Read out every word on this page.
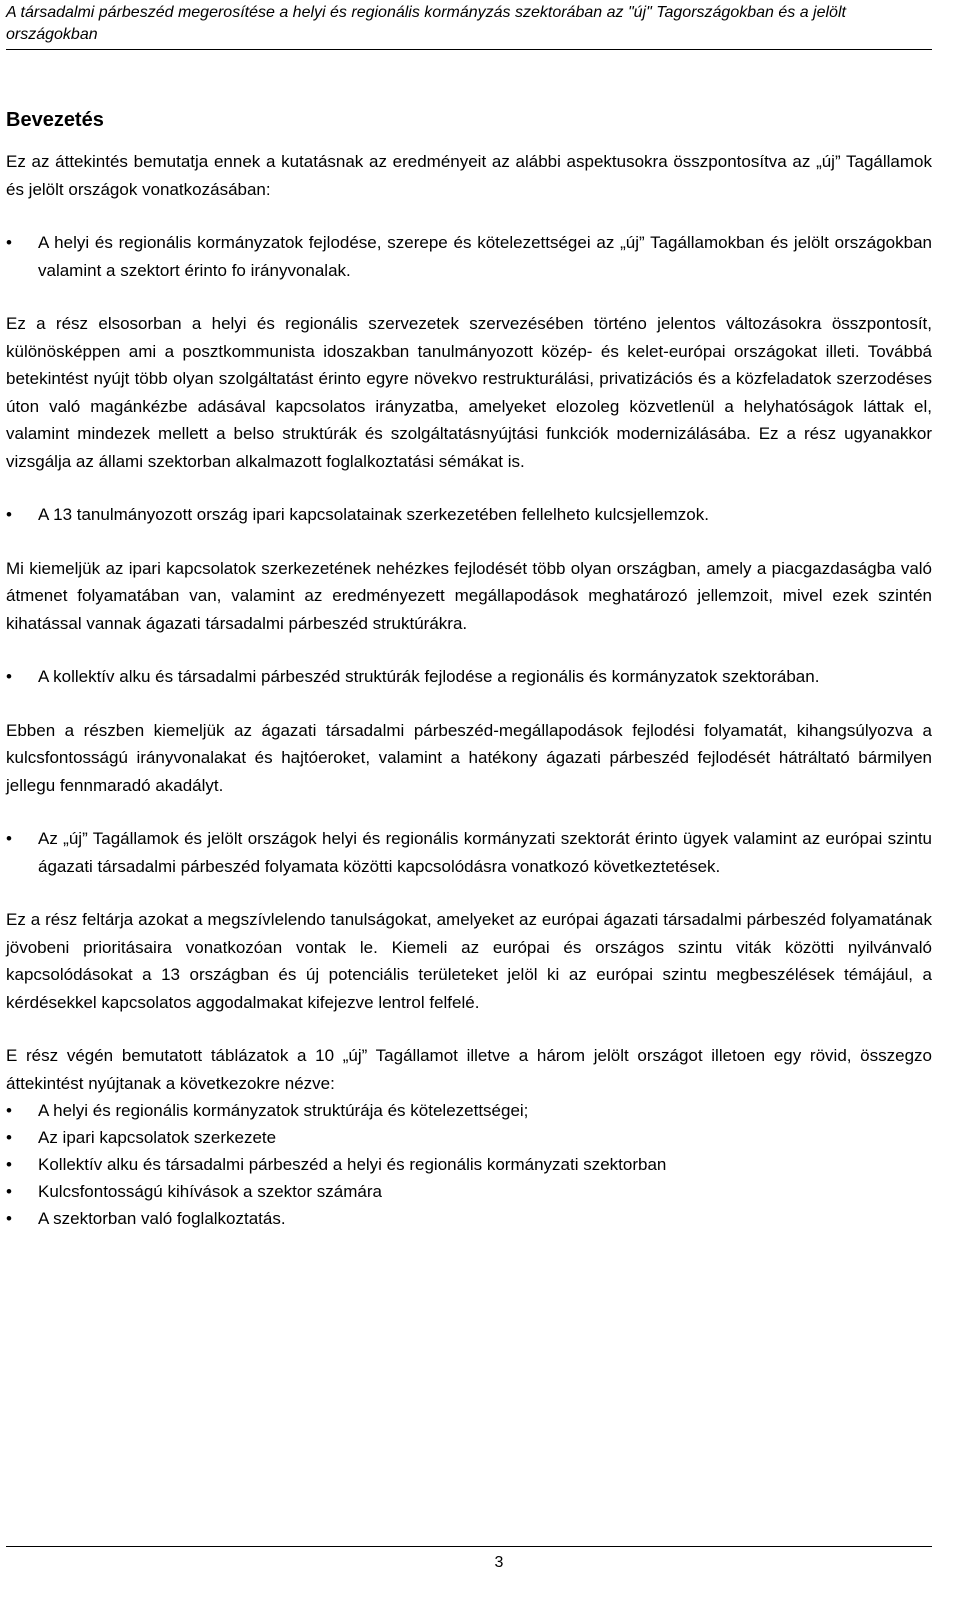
A társadalmi párbeszéd megerosítése a helyi és regionális kormányzás szektorában az "új" Tagországokban és a jelölt országokban
Bevezetés

Ez az áttekintés bemutatja ennek a kutatásnak az eredményeit az alábbi aspektusokra összpontosítva az „új” Tagállamok és jelölt országok vonatkozásában:

•	A helyi és regionális kormányzatok fejlodése, szerepe és kötelezettségei az „új” Tagállamokban és jelölt országokban valamint a szektort érinto fo irányvonalak.

Ez a rész elsosorban a helyi és regionális szervezetek szervezésében történo jelentos változásokra összpontosít, különösképpen ami a posztkommunista idoszakban tanulmányozott közép- és kelet-európai országokat illeti. Továbbá betekintést nyújt több olyan szolgáltatást érinto egyre növekvo restrukturálási, privatizációs és a közfeladatok szerzodéses úton való magánkézbe adásával kapcsolatos irányzatba, amelyeket elozoleg közvetlenül a helyhatóságok láttak el, valamint mindezek mellett a belso struktúrák és szolgáltatásnyújtási funkciók modernizálásába. Ez a rész ugyanakkor vizsgálja az állami szektorban alkalmazott foglalkoztatási sémákat is.

•	A 13 tanulmányozott ország ipari kapcsolatainak szerkezetében fellelheto kulcsjellemzok.

Mi kiemeljük az ipari kapcsolatok szerkezetének nehézkes fejlodését több olyan országban, amely a piacgazdaságba való átmenet folyamatában van, valamint az eredményezett megállapodások meghatározó jellemzoit, mivel ezek szintén kihatással vannak ágazati társadalmi párbeszéd struktúrákra.

•	A kollektív alku és társadalmi párbeszéd struktúrák fejlodése a regionális és kormányzatok szektorában.

Ebben a részben kiemeljük az ágazati társadalmi párbeszéd-megállapodások fejlodési folyamatát, kihangsúlyozva a kulcsfontosságú irányvonalakat és hajtóeroket, valamint a hatékony ágazati párbeszéd fejlodését hátráltató bármilyen jellegu fennmaradó akadályt.

•	Az „új” Tagállamok és jelölt országok helyi és regionális kormányzati szektorát érinto ügyek valamint az európai szintu ágazati társadalmi párbeszéd folyamata közötti kapcsolódásra vonatkozó következtetések.

Ez a rész feltárja azokat a megszívlelendo tanulságokat, amelyeket az európai ágazati társadalmi párbeszéd folyamatának jövobeni prioritásaira vonatkozóan vontak le. Kiemeli az európai és országos szintu viták közötti nyilvánvaló kapcsolódásokat a 13 országban és új potenciális területeket jelöl ki az európai szintu megbeszélések témájául, a kérdésekkel kapcsolatos aggodalmakat kifejezve lentrol felfelé.

E rész végén bemutatott táblázatok a 10 „új” Tagállamot illetve a három jelölt országot illetoen egy rövid, összegzo áttekintést nyújtanak a következokre nézve:

•	A helyi és regionális kormányzatok struktúrája és kötelezettségei;
•	Az ipari kapcsolatok szerkezete
•	Kollektív alku és társadalmi párbeszéd a helyi és regionális kormányzati szektorban
•	Kulcsfontosságú kihívások a szektor számára
•	A szektorban való foglalkoztatás.
3
